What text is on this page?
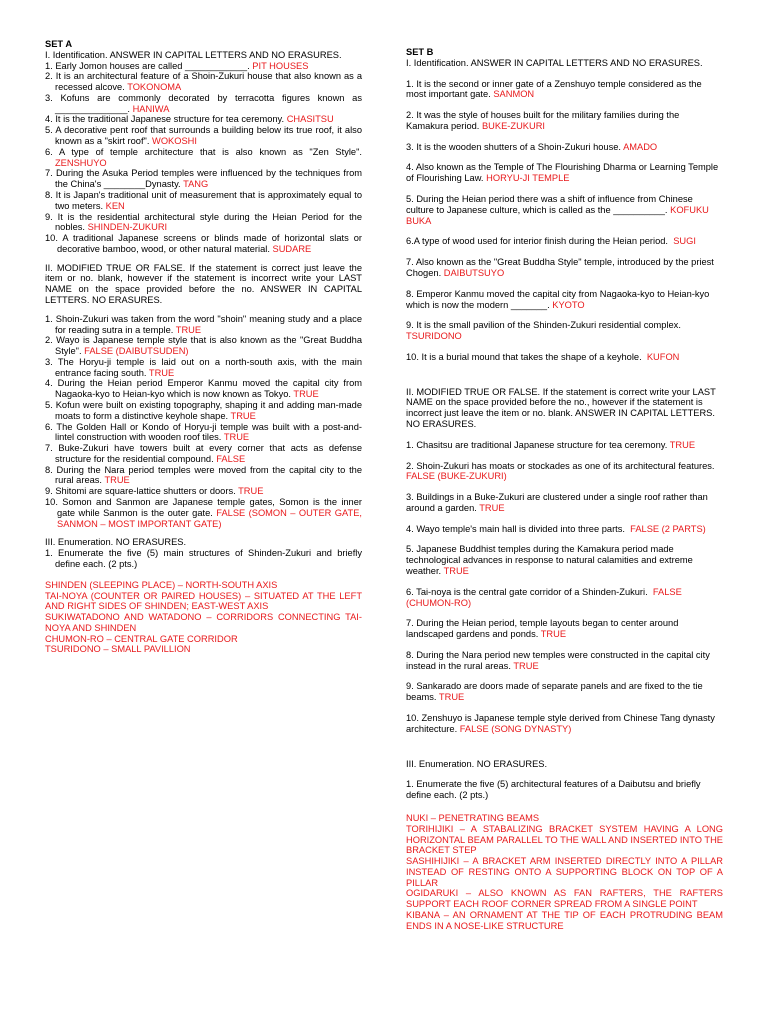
SET A

I. Identification. ANSWER IN CAPITAL LETTERS AND NO ERASURES.

1. Early Jomon houses are called ____________. PIT HOUSES

2. It is an architectural feature of a Shoin-Zukuri house that also known as a recessed alcove. TOKONOMA

3. Kofuns are commonly decorated by terracotta figures known as ______________. HANIWA

4. It is the traditional Japanese structure for tea ceremony. CHASITSU

5. A decorative pent roof that surrounds a building below its true roof, it also known as a "skirt roof". WOKOSHI

6. A type of temple architecture that is also known as "Zen Style". ZENSHUYO

7. During the Asuka Period temples were influenced by the techniques from the China's ________Dynasty. TANG

8. It is Japan's traditional unit of measurement that is approximately equal to two meters. KEN

9. It is the residential architectural style during the Heian Period for the nobles. SHINDEN-ZUKURI

10. A traditional Japanese screens or blinds made of horizontal slats or decorative bamboo, wood, or other natural material. SUDARE

II. MODIFIED TRUE OR FALSE. If the statement is correct just leave the item or no. blank, however if the statement is incorrect write your LAST NAME on the space provided before the no. ANSWER IN CAPITAL LETTERS. NO ERASURES.

1. Shoin-Zukuri was taken from the word "shoin" meaning study and a place for reading sutra in a temple. TRUE

2. Wayo is Japanese temple style that is also known as the "Great Buddha Style". FALSE (DAIBUTSUDEN)

3. The Horyu-ji temple is laid out on a north-south axis, with the main entrance facing south. TRUE

4. During the Heian period Emperor Kanmu moved the capital city from Nagaoka-kyo to Heian-kyo which is now known as Tokyo. TRUE

5. Kofun were built on existing topography, shaping it and adding man-made moats to form a distinctive keyhole shape. TRUE

6. The Golden Hall or Kondo of Horyu-ji temple was built with a post-and-lintel construction with wooden roof tiles. TRUE

7. Buke-Zukuri have towers built at every corner that acts as defense structure for the residential compound. FALSE

8. During the Nara period temples were moved from the capital city to the rural areas. TRUE

9. Shitomi are square-lattice shutters or doors. TRUE

10. Somon and Sanmon are Japanese temple gates, Somon is the inner gate while Sanmon is the outer gate. FALSE (SOMON – OUTER GATE, SANMON – MOST IMPORTANT GATE)

III. Enumeration. NO ERASURES.

1. Enumerate the five (5) main structures of Shinden-Zukuri and briefly define each. (2 pts.)

SHINDEN (SLEEPING PLACE) – NORTH-SOUTH AXIS

TAI-NOYA (COUNTER OR PAIRED HOUSES) – SITUATED AT THE LEFT AND RIGHT SIDES OF SHINDEN; EAST-WEST AXIS

SUKIWATADONO AND WATADONO – CORRIDORS CONNECTING TAI-NOYA AND SHINDEN

CHUMON-RO – CENTRAL GATE CORRIDOR

TSURIDONO – SMALL PAVILLION

SET B

I. Identification. ANSWER IN CAPITAL LETTERS AND NO ERASURES.

1. It is the second or inner gate of a Zenshuyo temple considered as the most important gate. SANMON

2. It was the style of houses built for the military families during the Kamakura period. BUKE-ZUKURI

3. It is the wooden shutters of a Shoin-Zukuri house. AMADO

4. Also known as the Temple of The Flourishing Dharma or Learning Temple of Flourishing Law. HORYU-JI TEMPLE

5. During the Heian period there was a shift of influence from Chinese culture to Japanese culture, which is called as the __________. KOFUKU BUKA

6.A type of wood used for interior finish during the Heian period. SUGI

7. Also known as the "Great Buddha Style" temple, introduced by the priest Chogen. DAIBUTSUYO

8. Emperor Kanmu moved the capital city from Nagaoka-kyo to Heian-kyo which is now the modern _______. KYOTO

9. It is the small pavilion of the Shinden-Zukuri residential complex. TSURIDONO

10. It is a burial mound that takes the shape of a keyhole. KUFON

II. MODIFIED TRUE OR FALSE. If the statement is correct write your LAST NAME on the space provided before the no., however if the statement is incorrect just leave the item or no. blank. ANSWER IN CAPITAL LETTERS. NO ERASURES.

1. Chasitsu are traditional Japanese structure for tea ceremony. TRUE

2. Shoin-Zukuri has moats or stockades as one of its architectural features. FALSE (BUKE-ZUKURI)

3. Buildings in a Buke-Zukuri are clustered under a single roof rather than around a garden. TRUE

4. Wayo temple's main hall is divided into three parts. FALSE (2 PARTS)

5. Japanese Buddhist temples during the Kamakura period made technological advances in response to natural calamities and extreme weather. TRUE

6. Tai-noya is the central gate corridor of a Shinden-Zukuri. FALSE (CHUMON-RO)

7. During the Heian period, temple layouts began to center around landscaped gardens and ponds. TRUE

8. During the Nara period new temples were constructed in the capital city instead in the rural areas. TRUE

9. Sankarado are doors made of separate panels and are fixed to the tie beams. TRUE

10. Zenshuyo is Japanese temple style derived from Chinese Tang dynasty architecture. FALSE (SONG DYNASTY)

III. Enumeration. NO ERASURES.

1. Enumerate the five (5) architectural features of a Daibutsu and briefly define each. (2 pts.)

NUKI – PENETRATING BEAMS

TORIHIJIKI – A STABALIZING BRACKET SYSTEM HAVING A LONG HORIZONTAL BEAM PARALLEL TO THE WALL AND INSERTED INTO THE BRACKET STEP

SASHIHIJIKI – A BRACKET ARM INSERTED DIRECTLY INTO A PILLAR INSTEAD OF RESTING ONTO A SUPPORTING BLOCK ON TOP OF A PILLAR

OGIDARUKI – ALSO KNOWN AS FAN RAFTERS, THE RAFTERS SUPPORT EACH ROOF CORNER SPREAD FROM A SINGLE POINT

KIBANA – AN ORNAMENT AT THE TIP OF EACH PROTRUDING BEAM ENDS IN A NOSE-LIKE STRUCTURE
